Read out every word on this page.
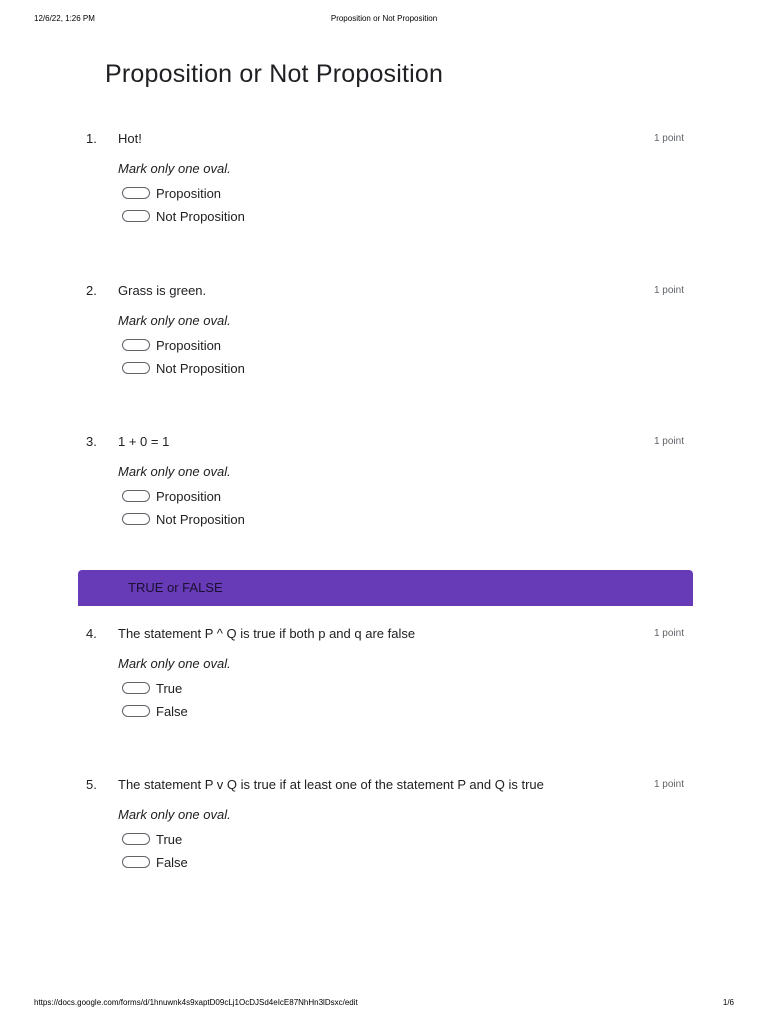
12/6/22, 1:26 PM	Proposition or Not Proposition
Proposition or Not Proposition
1. Hot!	1 point
Mark only one oval.
Proposition
Not Proposition
2. Grass is green.	1 point
Mark only one oval.
Proposition
Not Proposition
3. 1 + 0 = 1	1 point
Mark only one oval.
Proposition
Not Proposition
TRUE or FALSE
4. The statement P ^ Q is true if both p and q are false	1 point
Mark only one oval.
True
False
5. The statement P v Q is true if at least one of the statement P and Q is true	1 point
Mark only one oval.
True
False
https://docs.google.com/forms/d/1hnuwnk4s9xaptD09cLj1OcDJSd4eIcE87NhHn3lDsxc/edit	1/6
